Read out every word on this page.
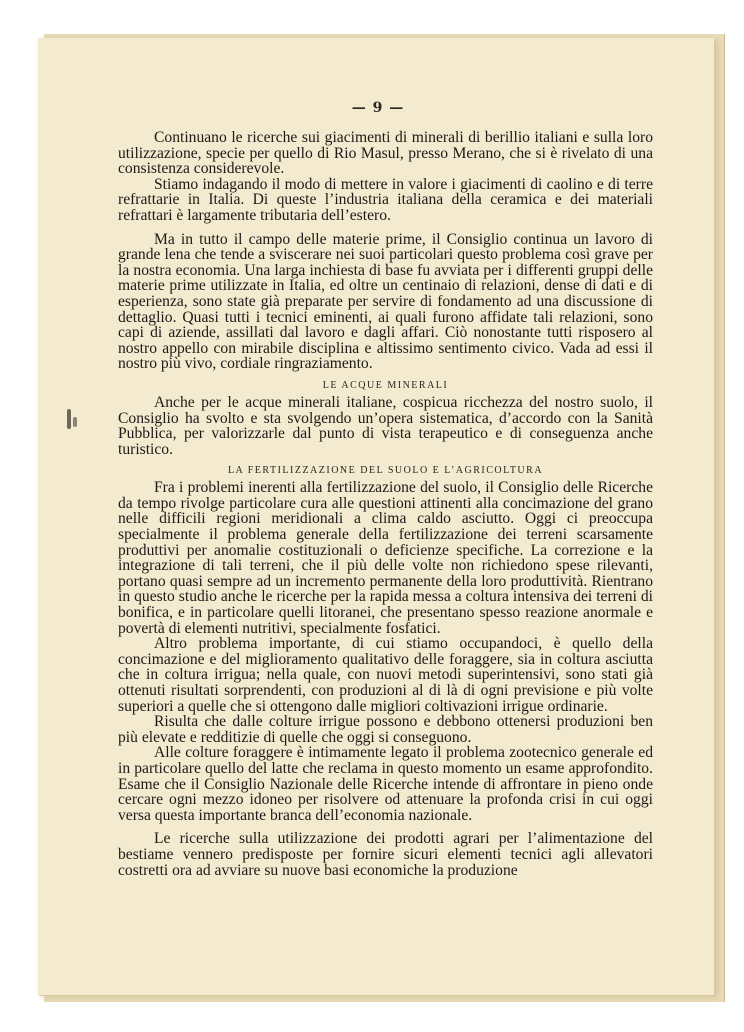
— 9 —

Continuano le ricerche sui giacimenti di minerali di berillio italiani e sulla loro utilizzazione, specie per quello di Rio Masul, presso Merano, che si è rivelato di una consistenza considerevole.

Stiamo indagando il modo di mettere in valore i giacimenti di caolino e di terre refrattarie in Italia. Di queste l’industria italiana della ceramica e dei materiali refrattari è largamente tributaria dell’estero.

Ma in tutto il campo delle materie prime, il Consiglio continua un lavoro di grande lena che tende a sviscerare nei suoi particolari questo problema così grave per la nostra economia. Una larga inchiesta di base fu avviata per i differenti gruppi delle materie prime utilizzate in Italia, ed oltre un centinaio di relazioni, dense di dati e di esperienza, sono state già preparate per servire di fondamento ad una discussione di dettaglio. Quasi tutti i tecnici eminenti, ai quali furono affidate tali relazioni, sono capi di aziende, assillati dal lavoro e dagli affari. Ciò nonostante tutti risposero al nostro appello con mirabile disciplina e altissimo sentimento civico. Vada ad essi il nostro più vivo, cordiale ringraziamento.

LE ACQUE MINERALI

Anche per le acque minerali italiane, cospicua ricchezza del nostro suolo, il Consiglio ha svolto e sta svolgendo un’opera sistematica, d’accordo con la Sanità Pubblica, per valorizzarle dal punto di vista terapeutico e di conseguenza anche turistico.

LA FERTILIZZAZIONE DEL SUOLO E L’AGRICOLTURA

Fra i problemi inerenti alla fertilizzazione del suolo, il Consiglio delle Ricerche da tempo rivolge particolare cura alle questioni attinenti alla concimazione del grano nelle difficili regioni meridionali a clima caldo asciutto. Oggi ci preoccupa specialmente il problema generale della fertilizzazione dei terreni scarsamente produttivi per anomalie costituzionali o deficienze specifiche. La correzione e la integrazione di tali terreni, che il più delle volte non richiedono spese rilevanti, portano quasi sempre ad un incremento permanente della loro produttività. Rientrano in questo studio anche le ricerche per la rapida messa a coltura intensiva dei terreni di bonifica, e in particolare quelli litoranei, che presentano spesso reazione anormale e povertà di elementi nutritivi, specialmente fosfatici.

Altro problema importante, di cui stiamo occupandoci, è quello della concimazione e del miglioramento qualitativo delle foraggere, sia in coltura asciutta che in coltura irrigua; nella quale, con nuovi metodi superintensivi, sono stati già ottenuti risultati sorprendenti, con produzioni al di là di ogni previsione e più volte superiori a quelle che si ottengono dalle migliori coltivazioni irrigue ordinarie.

Risulta che dalle colture irrigue possono e debbono ottenersi produzioni ben più elevate e redditizie di quelle che oggi si conseguono.

Alle colture foraggere è intimamente legato il problema zootecnico generale ed in particolare quello del latte che reclama in questo momento un esame approfondito. Esame che il Consiglio Nazionale delle Ricerche intende di affrontare in pieno onde cercare ogni mezzo idoneo per risolvere od attenuare la profonda crisi in cui oggi versa questa importante branca dell’economia nazionale.

Le ricerche sulla utilizzazione dei prodotti agrari per l’alimentazione del bestiame vennero predisposte per fornire sicuri elementi tecnici agli allevatori costretti ora ad avviare su nuove basi economiche la produzione
